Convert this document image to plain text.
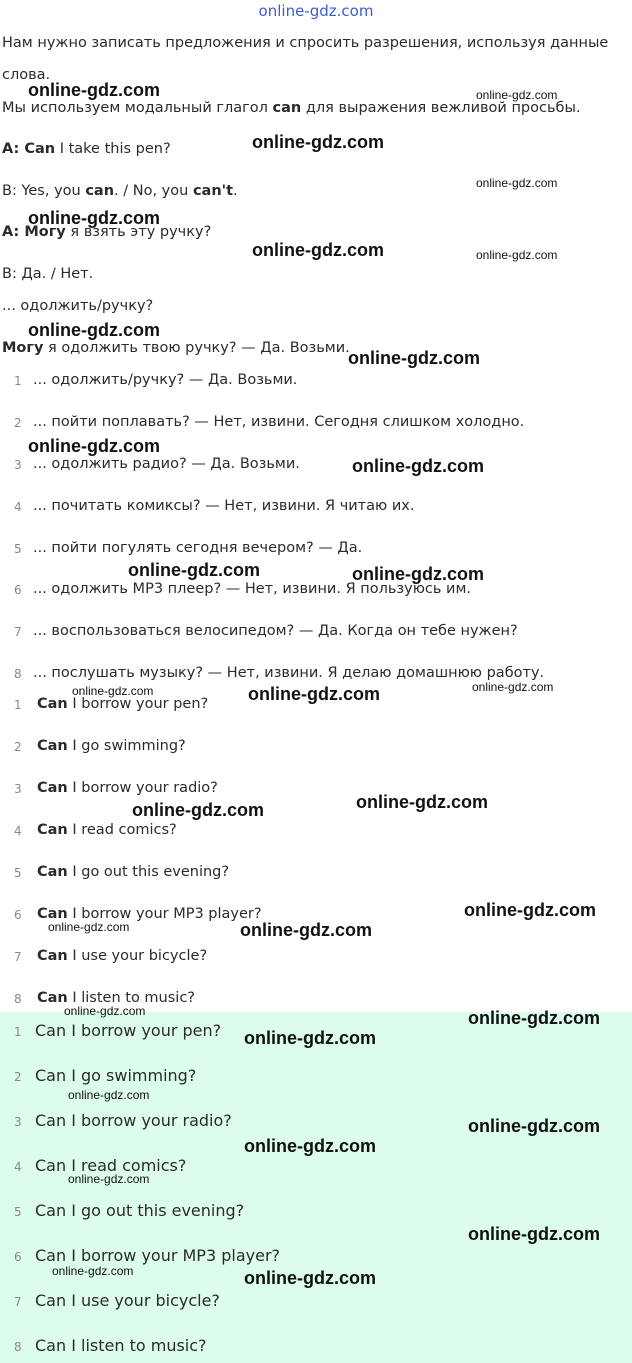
online-gdz.com
Нам нужно записать предложения и спросить разрешения, используя данные
слова.
Мы используем модальный глагол can для выражения вежливой просьбы.
A: Can I take this pen?
B: Yes, you can. / No, you can't.
A: Могу я взять эту ручку?
B: Да. / Нет.
... одолжить/ручку?
Могу я одолжить твою ручку? — Да. Возьми.
1 ... одолжить/ручку? — Да. Возьми.
2 ... пойти поплавать? — Нет, извини. Сегодня слишком холодно.
3 ... одолжить радио? — Да. Возьми.
4 ... почитать комиксы? — Нет, извини. Я читаю их.
5 ... пойти погулять сегодня вечером? — Да.
6 ... одолжить MP3 плеер? — Нет, извини. Я пользуюсь им.
7 ... воспользоваться велосипедом? — Да. Когда он тебе нужен?
8 ... послушать музыку? — Нет, извини. Я делаю домашнюю работу.
1 Can I borrow your pen?
2 Can I go swimming?
3 Can I borrow your radio?
4 Can I read comics?
5 Can I go out this evening?
6 Can I borrow your MP3 player?
7 Can I use your bicycle?
8 Can I listen to music?
1 Can I borrow your pen?
2 Can I go swimming?
3 Can I borrow your radio?
4 Can I read comics?
5 Can I go out this evening?
6 Can I borrow your MP3 player?
7 Can I use your bicycle?
8 Can I listen to music?
online-gdz.com	online-gdz.com
online-gdz.com
online-gdz.com
online-gdz.com
online-gdz.com	online-gdz.com
online-gdz.com
online-gdz.com
online-gdz.com
online-gdz.com
online-gdz.com	online-gdz.com
online-gdz.com	online-gdz.com	online-gdz.com
online-gdz.com	online-gdz.com
online-gdz.com
online-gdz.com	online-gdz.com
online-gdz.com	online-gdz.com
online-gdz.com
online-gdz.com
online-gdz.com
online-gdz.com
online-gdz.com
online-gdz.com
online-gdz.com	online-gdz.com
